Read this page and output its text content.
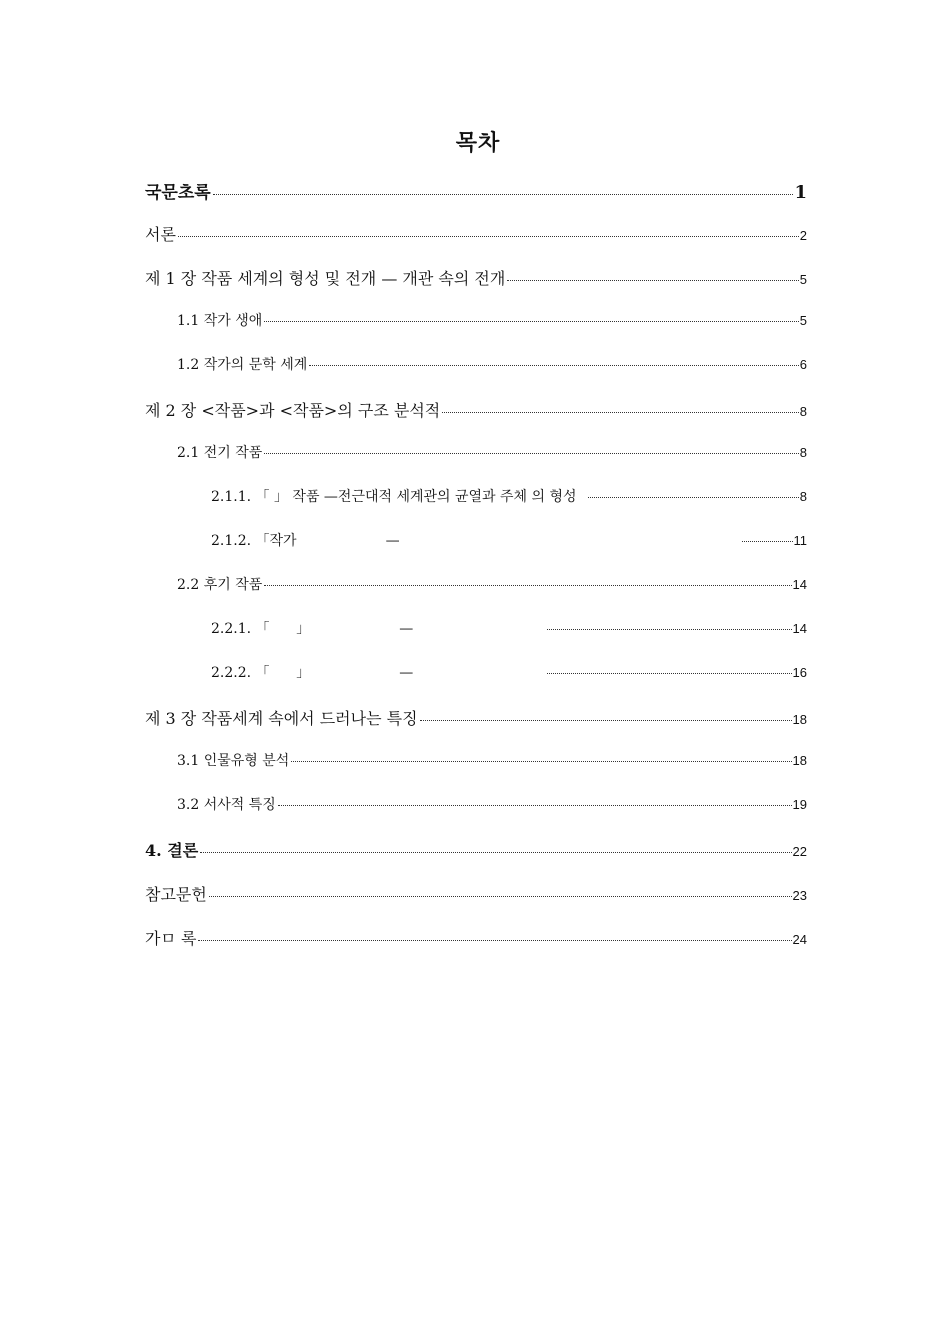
목차
국문초록	1
서론	2
제 1 장 작품 세계의 형성 및 전개 — 개관 속의 전개	5
1.1 작가 생애	5
1.2 작가의 문학 세계	6
제 2 장 <작품>과 <작품>의 구조 분석적	8
2.1 전기 작품	8
2.1.1. 「 」 작품 —전근대적 세계관의 균열과 주체 의 형성	8
2.1.2. 「작가                    —	11
2.2 후기 작품	14
2.2.1. 「      」                    —	14
2.2.2. 「      」                    —	16
제 3 장 작품세계 속에서 드러나는 특징	18
3.1 인물유형 분석	18
3.2 서사적 특징	19
4. 결론	22
참고문헌	23
가ㅁ 록	24
